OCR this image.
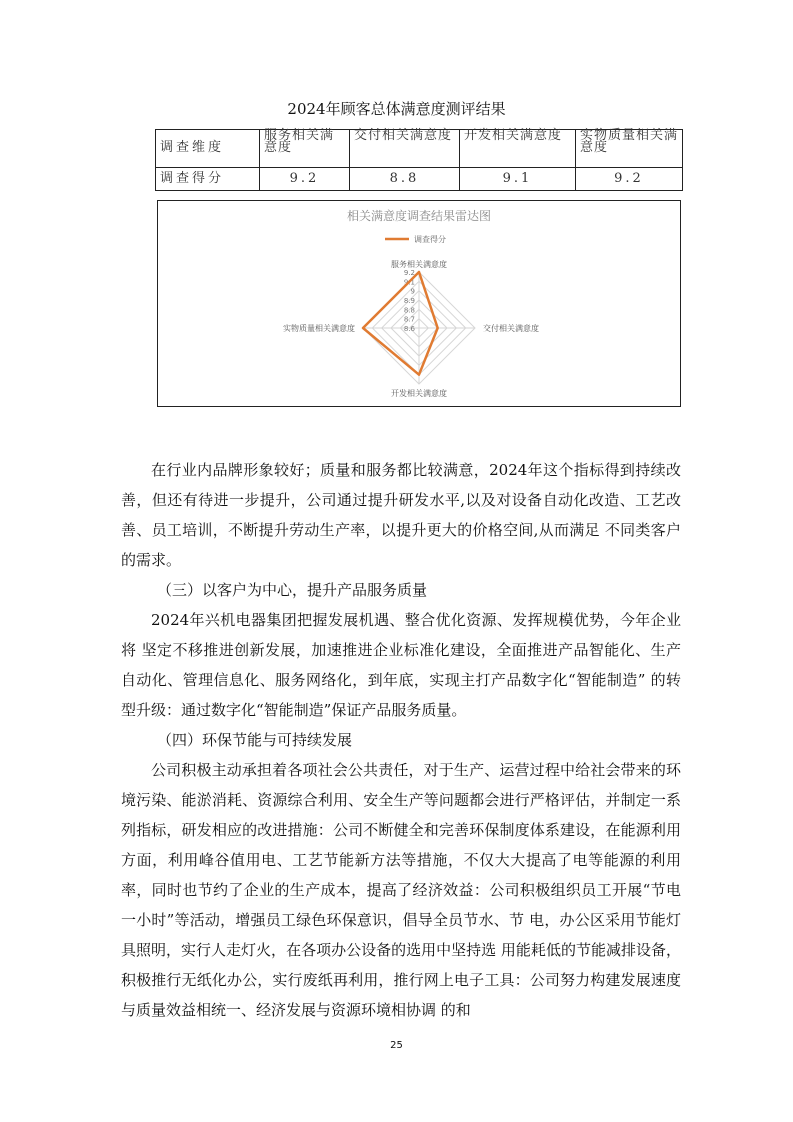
2024年顾客总体满意度测评结果
调查维度	服务相关满意度	交付相关满意度	开发相关满意度	实物质量相关满意度
调查得分	9.2	8.8	9.1	9.2
相关满意度调查结果雷达图
调查得分
9.2
9.1
9
8.9
8.8
8.7
8.6
服务相关满意度
交付相关满意度
开发相关满意度
实物质量相关满意度

在行业内品牌形象较好；质量和服务都比较满意，2024年这个指标得到持续改善，但还有待进一步提升，公司通过提升研发水平,以及对设备自动化改造、工艺改善、员工培训，不断提升劳动生产率，以提升更大的价格空间,从而满足 不同类客户的需求。

（三）以客户为中心，提升产品服务质量

2024年兴机电器集团把握发展机遇、整合优化资源、发挥规模优势，今年企业将 坚定不移推进创新发展，加速推进企业标准化建设，全面推进产品智能化、生产 自动化、管理信息化、服务网络化，到年底，实现主打产品数字化“智能制造” 的转型升级：通过数字化“智能制造”保证产品服务质量。

（四）环保节能与可持续发展

公司积极主动承担着各项社会公共责任，对于生产、运营过程中给社会带来的环境污染、能淤消耗、资源综合利用、安全生产等问题都会进行严格评估，并制定一系列指标，研发相应的改进措施：公司不断健全和完善环保制度体系建设，在能源利用方面，利用峰谷值用电、工艺节能新方法等措施，不仅大大提高了电等能源的利用率，同时也节约了企业的生产成本，提高了经济效益：公司积极组织员工开展“节电一小时”等活动，增强员工绿色环保意识，倡导全员节水、节 电，办公区采用节能灯具照明，实行人走灯火，在各项办公设备的选用中坚持选 用能耗低的节能减排设备，积极推行无纸化办公，实行废纸再利用，推行网上电子工具：公司努力构建发展速度与质量效益相统一、经济发展与资源环境相协调 的和

25
